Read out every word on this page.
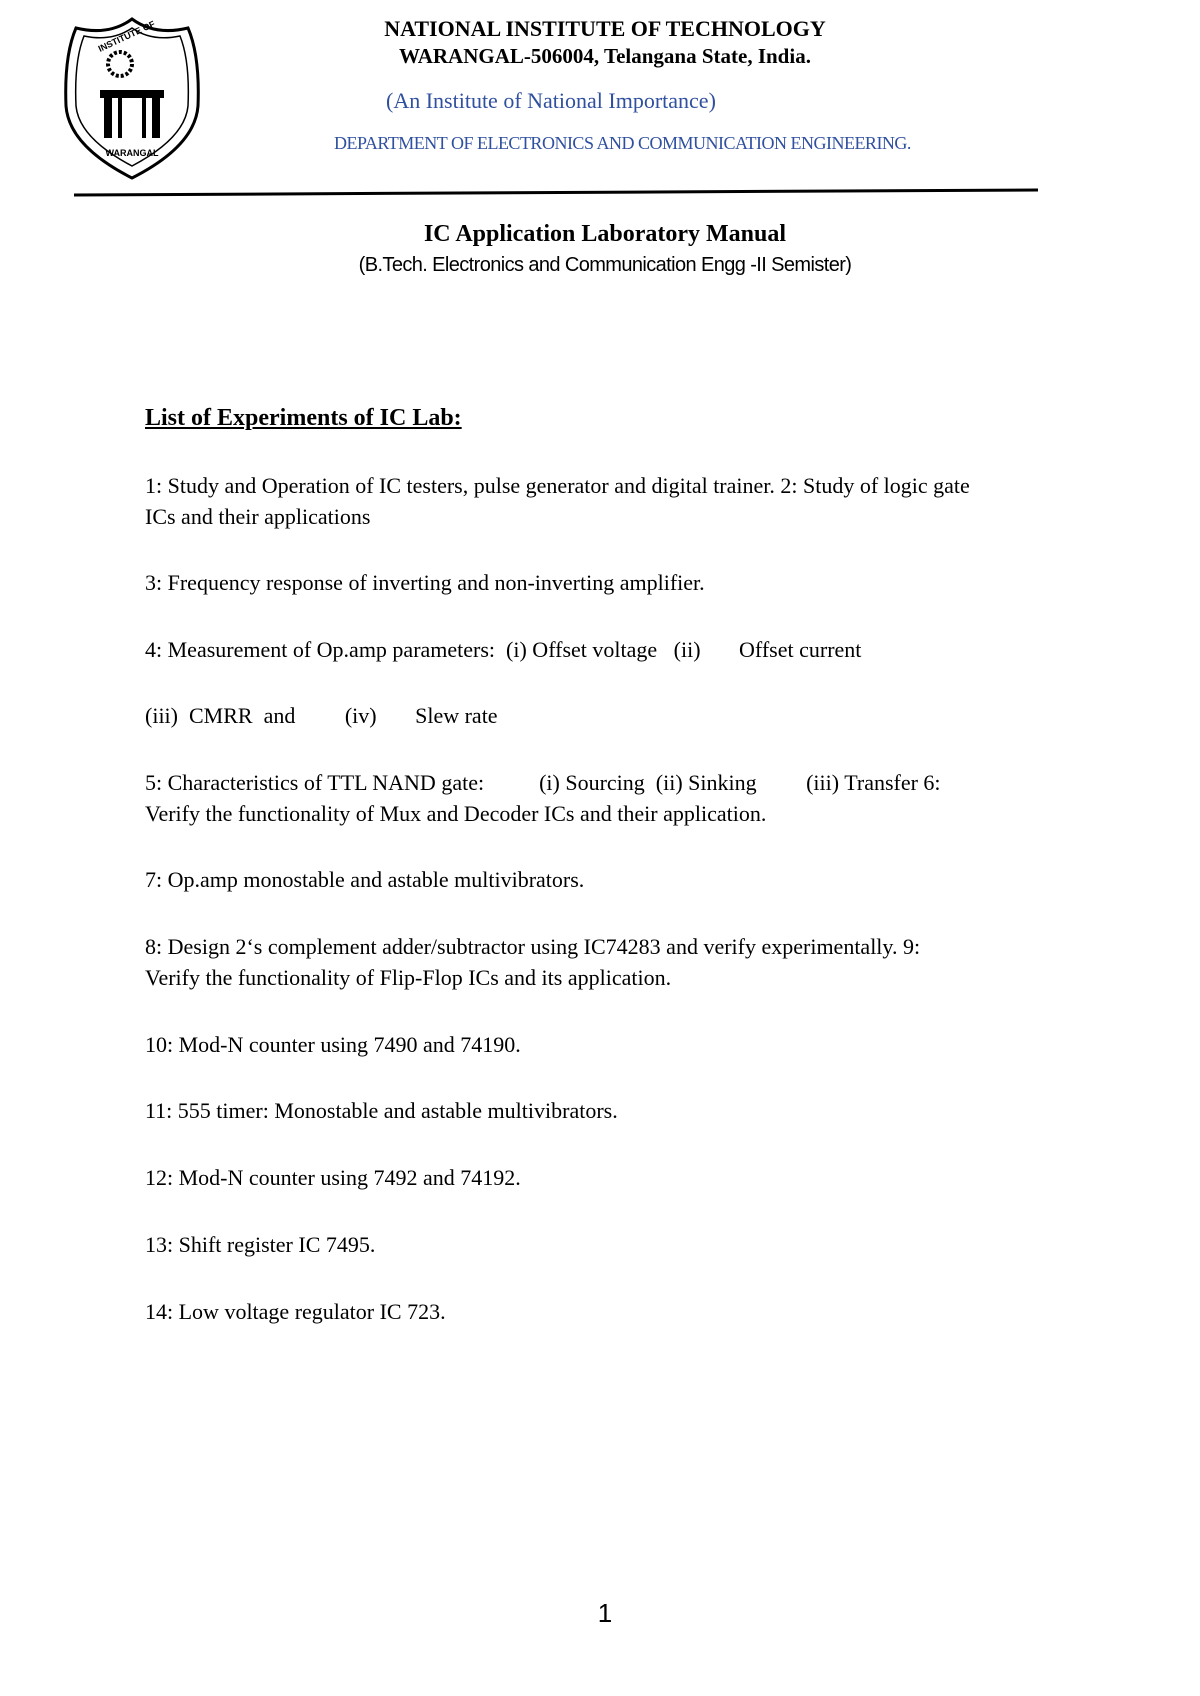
WARANGAL
INSTITUTE OF	NATIONAL INSTITUTE OF TECHNOLOGY
WARANGAL-506004, Telangana State, India.
(An Institute of National Importance)
DEPARTMENT OF ELECTRONICS AND COMMUNICATION ENGINEERING.
IC Application Laboratory Manual
(B.Tech. Electronics and Communication Engg -II Semister)
List of Experiments of IC Lab:
1: Study and Operation of IC testers, pulse generator and digital trainer. 2: Study of logic gate
ICs and their applications
3: Frequency response of inverting and non-inverting amplifier.
4: Measurement of Op.amp parameters:  (i) Offset voltage   (ii)       Offset current
(iii)  CMRR  and         (iv)       Slew rate
5: Characteristics of TTL NAND gate:          (i) Sourcing  (ii) Sinking         (iii) Transfer 6:
Verify the functionality of Mux and Decoder ICs and their application.
7: Op.amp monostable and astable multivibrators.
8: Design 2‘s complement adder/subtractor using IC74283 and verify experimentally. 9:
Verify the functionality of Flip-Flop ICs and its application.
10: Mod-N counter using 7490 and 74190.
11: 555 timer: Monostable and astable multivibrators.
12: Mod-N counter using 7492 and 74192.
13: Shift register IC 7495.
14: Low voltage regulator IC 723.
1
